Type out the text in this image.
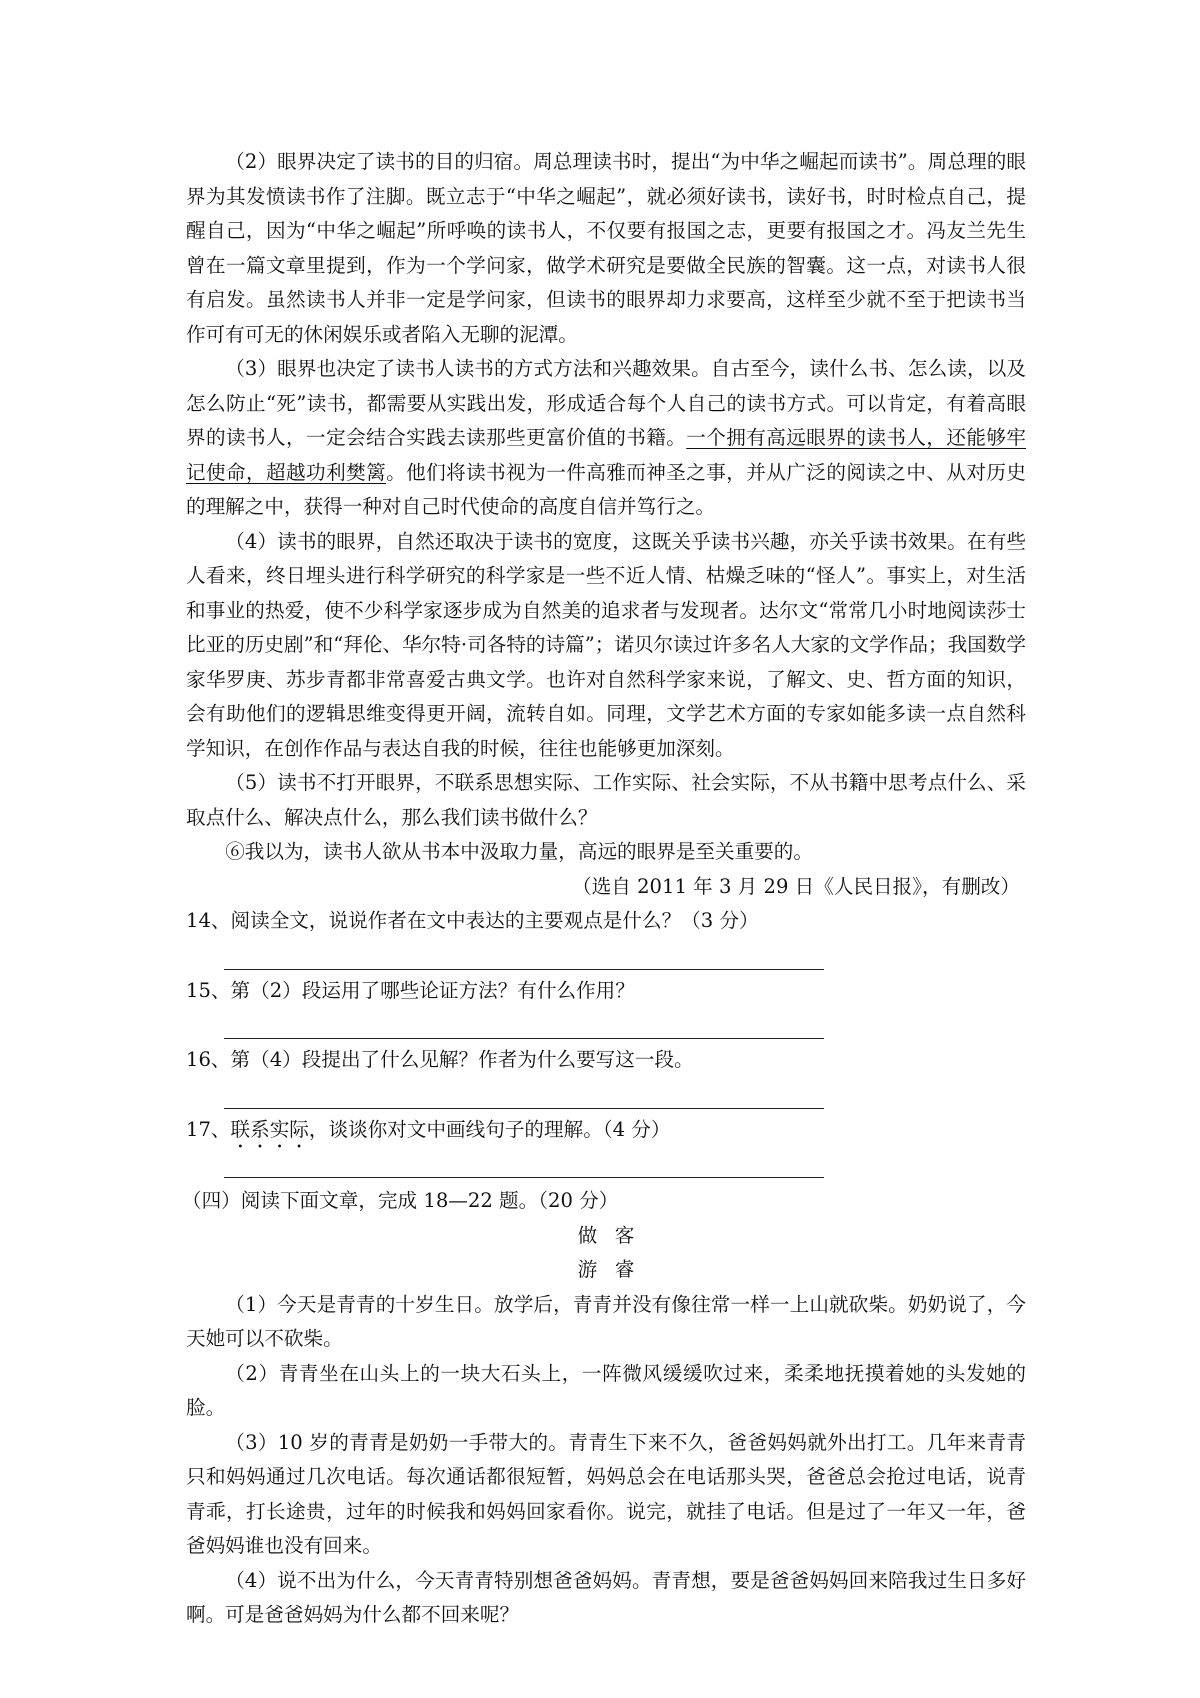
（2）眼界决定了读书的目的归宿。周总理读书时，提出“为中华之崛起而读书”。周总理的眼界为其发愤读书作了注脚。既立志于“中华之崛起”，就必须好读书，读好书，时时检点自己，提醒自己，因为“中华之崛起”所呼唤的读书人，不仅要有报国之志，更要有报国之才。冯友兰先生曾在一篇文章里提到，作为一个学问家，做学术研究是要做全民族的智囊。这一点，对读书人很有启发。虽然读书人并非一定是学问家，但读书的眼界却力求要高，这样至少就不至于把读书当作可有可无的休闲娱乐或者陷入无聊的泥潭。

（3）眼界也决定了读书人读书的方式方法和兴趣效果。自古至今，读什么书、怎么读，以及怎么防止“死”读书，都需要从实践出发，形成适合每个人自己的读书方式。可以肯定，有着高眼界的读书人，一定会结合实践去读那些更富价值的书籍。一个拥有高远眼界的读书人，还能够牢记使命，超越功利樊篱。他们将读书视为一件高雅而神圣之事，并从广泛的阅读之中、从对历史的理解之中，获得一种对自己时代使命的高度自信并笃行之。

（4）读书的眼界，自然还取决于读书的宽度，这既关乎读书兴趣，亦关乎读书效果。在有些人看来，终日埋头进行科学研究的科学家是一些不近人情、枯燥乏味的“怪人”。事实上，对生活和事业的热爱，使不少科学家逐步成为自然美的追求者与发现者。达尔文“常常几小时地阅读莎士比亚的历史剧”和“拜伦、华尔特·司各特的诗篇”；诺贝尔读过许多名人大家的文学作品；我国数学家华罗庚、苏步青都非常喜爱古典文学。也许对自然科学家来说，了解文、史、哲方面的知识，会有助他们的逻辑思维变得更开阔，流转自如。同理，文学艺术方面的专家如能多读一点自然科学知识，在创作作品与表达自我的时候，往往也能够更加深刻。

（5）读书不打开眼界，不联系思想实际、工作实际、社会实际，不从书籍中思考点什么、采取点什么、解决点什么，那么我们读书做什么？

⑥我以为，读书人欲从书本中汲取力量，高远的眼界是至关重要的。

（选自 2011 年 3 月 29 日《人民日报》，有删改）

14、阅读全文，说说作者在文中表达的主要观点是什么？（3 分）

15、第（2）段运用了哪些论证方法？有什么作用？

16、第（4）段提出了什么见解？作者为什么要写这一段。

17、联系实际
• • • •
，谈谈你对文中画线句子的理解。（4 分）

（四）阅读下面文章，完成 18—22 题。（20 分）

做客

游睿

（1）今天是青青的十岁生日。放学后，青青并没有像往常一样一上山就砍柴。奶奶说了，今天她可以不砍柴。

（2）青青坐在山头上的一块大石头上，一阵微风缓缓吹过来，柔柔地抚摸着她的头发她的脸。

（3）10 岁的青青是奶奶一手带大的。青青生下来不久，爸爸妈妈就外出打工。几年来青青只和妈妈通过几次电话。每次通话都很短暂，妈妈总会在电话那头哭，爸爸总会抢过电话，说青青乖，打长途贵，过年的时候我和妈妈回家看你。说完，就挂了电话。但是过了一年又一年，爸爸妈妈谁也没有回来。

（4）说不出为什么，今天青青特别想爸爸妈妈。青青想，要是爸爸妈妈回来陪我过生日多好啊。可是爸爸妈妈为什么都不回来呢？
